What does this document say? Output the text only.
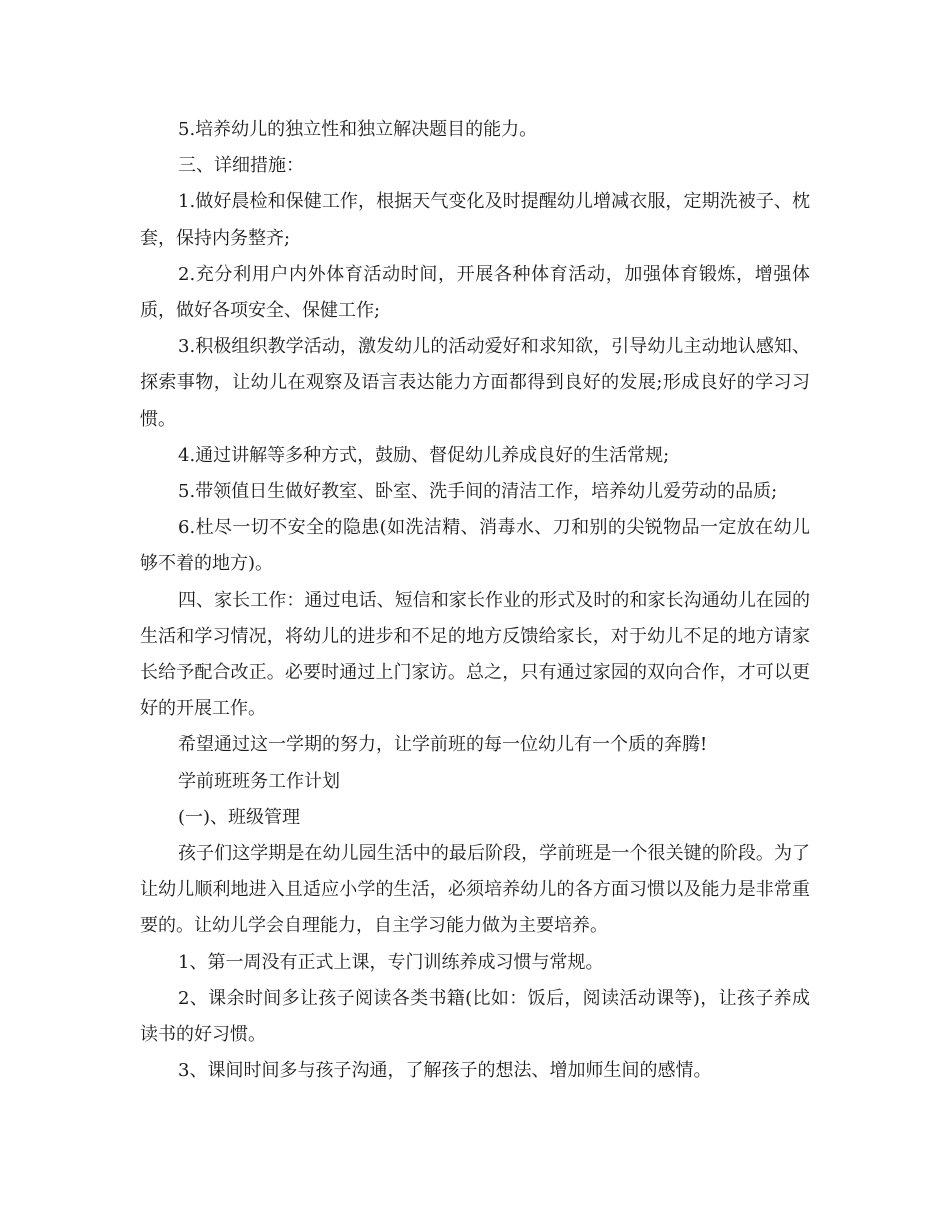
5.培养幼儿的独立性和独立解决题目的能力。

三、详细措施：

1.做好晨检和保健工作，根据天气变化及时提醒幼儿增减衣服，定期洗被子、枕套，保持内务整齐;

2.充分利用户内外体育活动时间，开展各种体育活动，加强体育锻炼，增强体质，做好各项安全、保健工作;

3.积极组织教学活动，激发幼儿的活动爱好和求知欲，引导幼儿主动地认感知、探索事物，让幼儿在观察及语言表达能力方面都得到良好的发展;形成良好的学习习惯。

4.通过讲解等多种方式，鼓励、督促幼儿养成良好的生活常规;

5.带领值日生做好教室、卧室、洗手间的清洁工作，培养幼儿爱劳动的品质;

6.杜尽一切不安全的隐患(如洗洁精、消毒水、刀和别的尖锐物品一定放在幼儿够不着的地方)。

四、家长工作：通过电话、短信和家长作业的形式及时的和家长沟通幼儿在园的生活和学习情况，将幼儿的进步和不足的地方反馈给家长，对于幼儿不足的地方请家长给予配合改正。必要时通过上门家访。总之，只有通过家园的双向合作，才可以更好的开展工作。

希望通过这一学期的努力，让学前班的每一位幼儿有一个质的奔腾!

学前班班务工作计划

(一)、班级管理

孩子们这学期是在幼儿园生活中的最后阶段，学前班是一个很关键的阶段。为了让幼儿顺利地进入且适应小学的生活，必须培养幼儿的各方面习惯以及能力是非常重要的。让幼儿学会自理能力，自主学习能力做为主要培养。

1、第一周没有正式上课，专门训练养成习惯与常规。

2、课余时间多让孩子阅读各类书籍(比如：饭后，阅读活动课等)，让孩子养成读书的好习惯。

3、课间时间多与孩子沟通，了解孩子的想法、增加师生间的感情。
